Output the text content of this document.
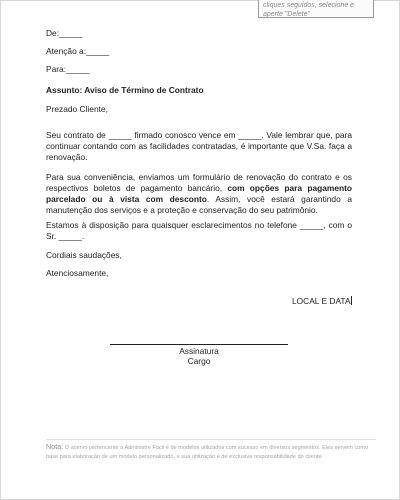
cliques seguidos, selecione e aperte "Delete"
De:_____
Atenção a:_____
Para:_____
Assunto: Aviso de Término de Contrato
Prezado Cliente,
Seu contrato de _____ firmado conosco vence em _____. Vale lembrar que, para continuar contando com as facilidades contratadas, é importante que V.Sa. faça a renovação.
Para sua conveniência, enviamos um formulário de renovação do contrato e os respectivos boletos de pagamento bancário, com opções para pagamento parcelado ou à vista com desconto. Assim, você estará garantindo a manutenção dos serviços e a proteção e conservação do seu patrimônio.
Estamos à disposição para quaisquer esclarecimentos no telefone _____, com o Sr. _____.
Cordiais saudações,
Atenciosamente,
LOCAL E DATA
Assinatura
Cargo
Nota: O acervo pertencente a Administre Fácil é de modelos utilizados com sucesso em diversos segmentos. Eles servem como base para elaboração de um modelo personalizado, e sua utilização é de exclusiva responsabilidade do cliente.
